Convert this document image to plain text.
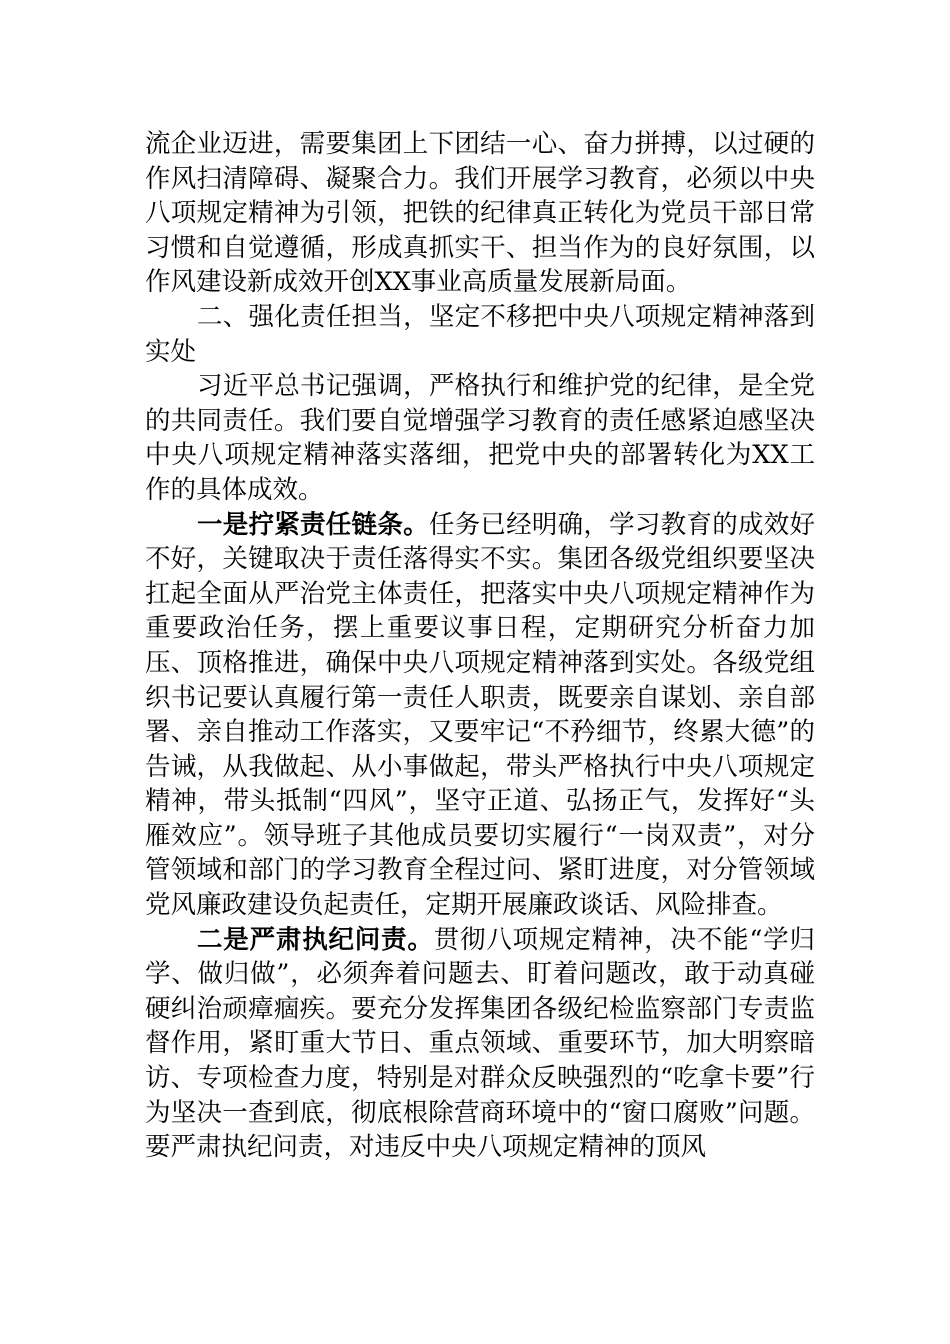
流企业迈进，需要集团上下团结一心、奋力拼搏，以过硬的作风扫清障碍、凝聚合力。我们开展学习教育，必须以中央八项规定精神为引领，把铁的纪律真正转化为党员干部日常习惯和自觉遵循，形成真抓实干、担当作为的良好氛围，以作风建设新成效开创XX事业高质量发展新局面。

二、强化责任担当，坚定不移把中央八项规定精神落到实处

习近平总书记强调，严格执行和维护党的纪律，是全党的共同责任。我们要自觉增强学习教育的责任感紧迫感坚决中央八项规定精神落实落细，把党中央的部署转化为XX工作的具体成效。

一是拧紧责任链条。任务已经明确，学习教育的成效好不好，关键取决于责任落得实不实。集团各级党组织要坚决扛起全面从严治党主体责任，把落实中央八项规定精神作为重要政治任务，摆上重要议事日程，定期研究分析奋力加压、顶格推进，确保中央八项规定精神落到实处。各级党组织书记要认真履行第一责任人职责，既要亲自谋划、亲自部署、亲自推动工作落实，又要牢记“不矜细节，终累大德”的告诫，从我做起、从小事做起，带头严格执行中央八项规定精神，带头抵制“四风”，坚守正道、弘扬正气，发挥好“头雁效应”。领导班子其他成员要切实履行“一岗双责”，对分管领域和部门的学习教育全程过问、紧盯进度，对分管领域党风廉政建设负起责任，定期开展廉政谈话、风险排查。

二是严肃执纪问责。贯彻八项规定精神，决不能“学归学、做归做”，必须奔着问题去、盯着问题改，敢于动真碰硬纠治顽瘴痼疾。要充分发挥集团各级纪检监察部门专责监督作用，紧盯重大节日、重点领域、重要环节，加大明察暗访、专项检查力度，特别是对群众反映强烈的“吃拿卡要”行为坚决一查到底，彻底根除营商环境中的“窗口腐败”问题。要严肃执纪问责，对违反中央八项规定精神的顶风
